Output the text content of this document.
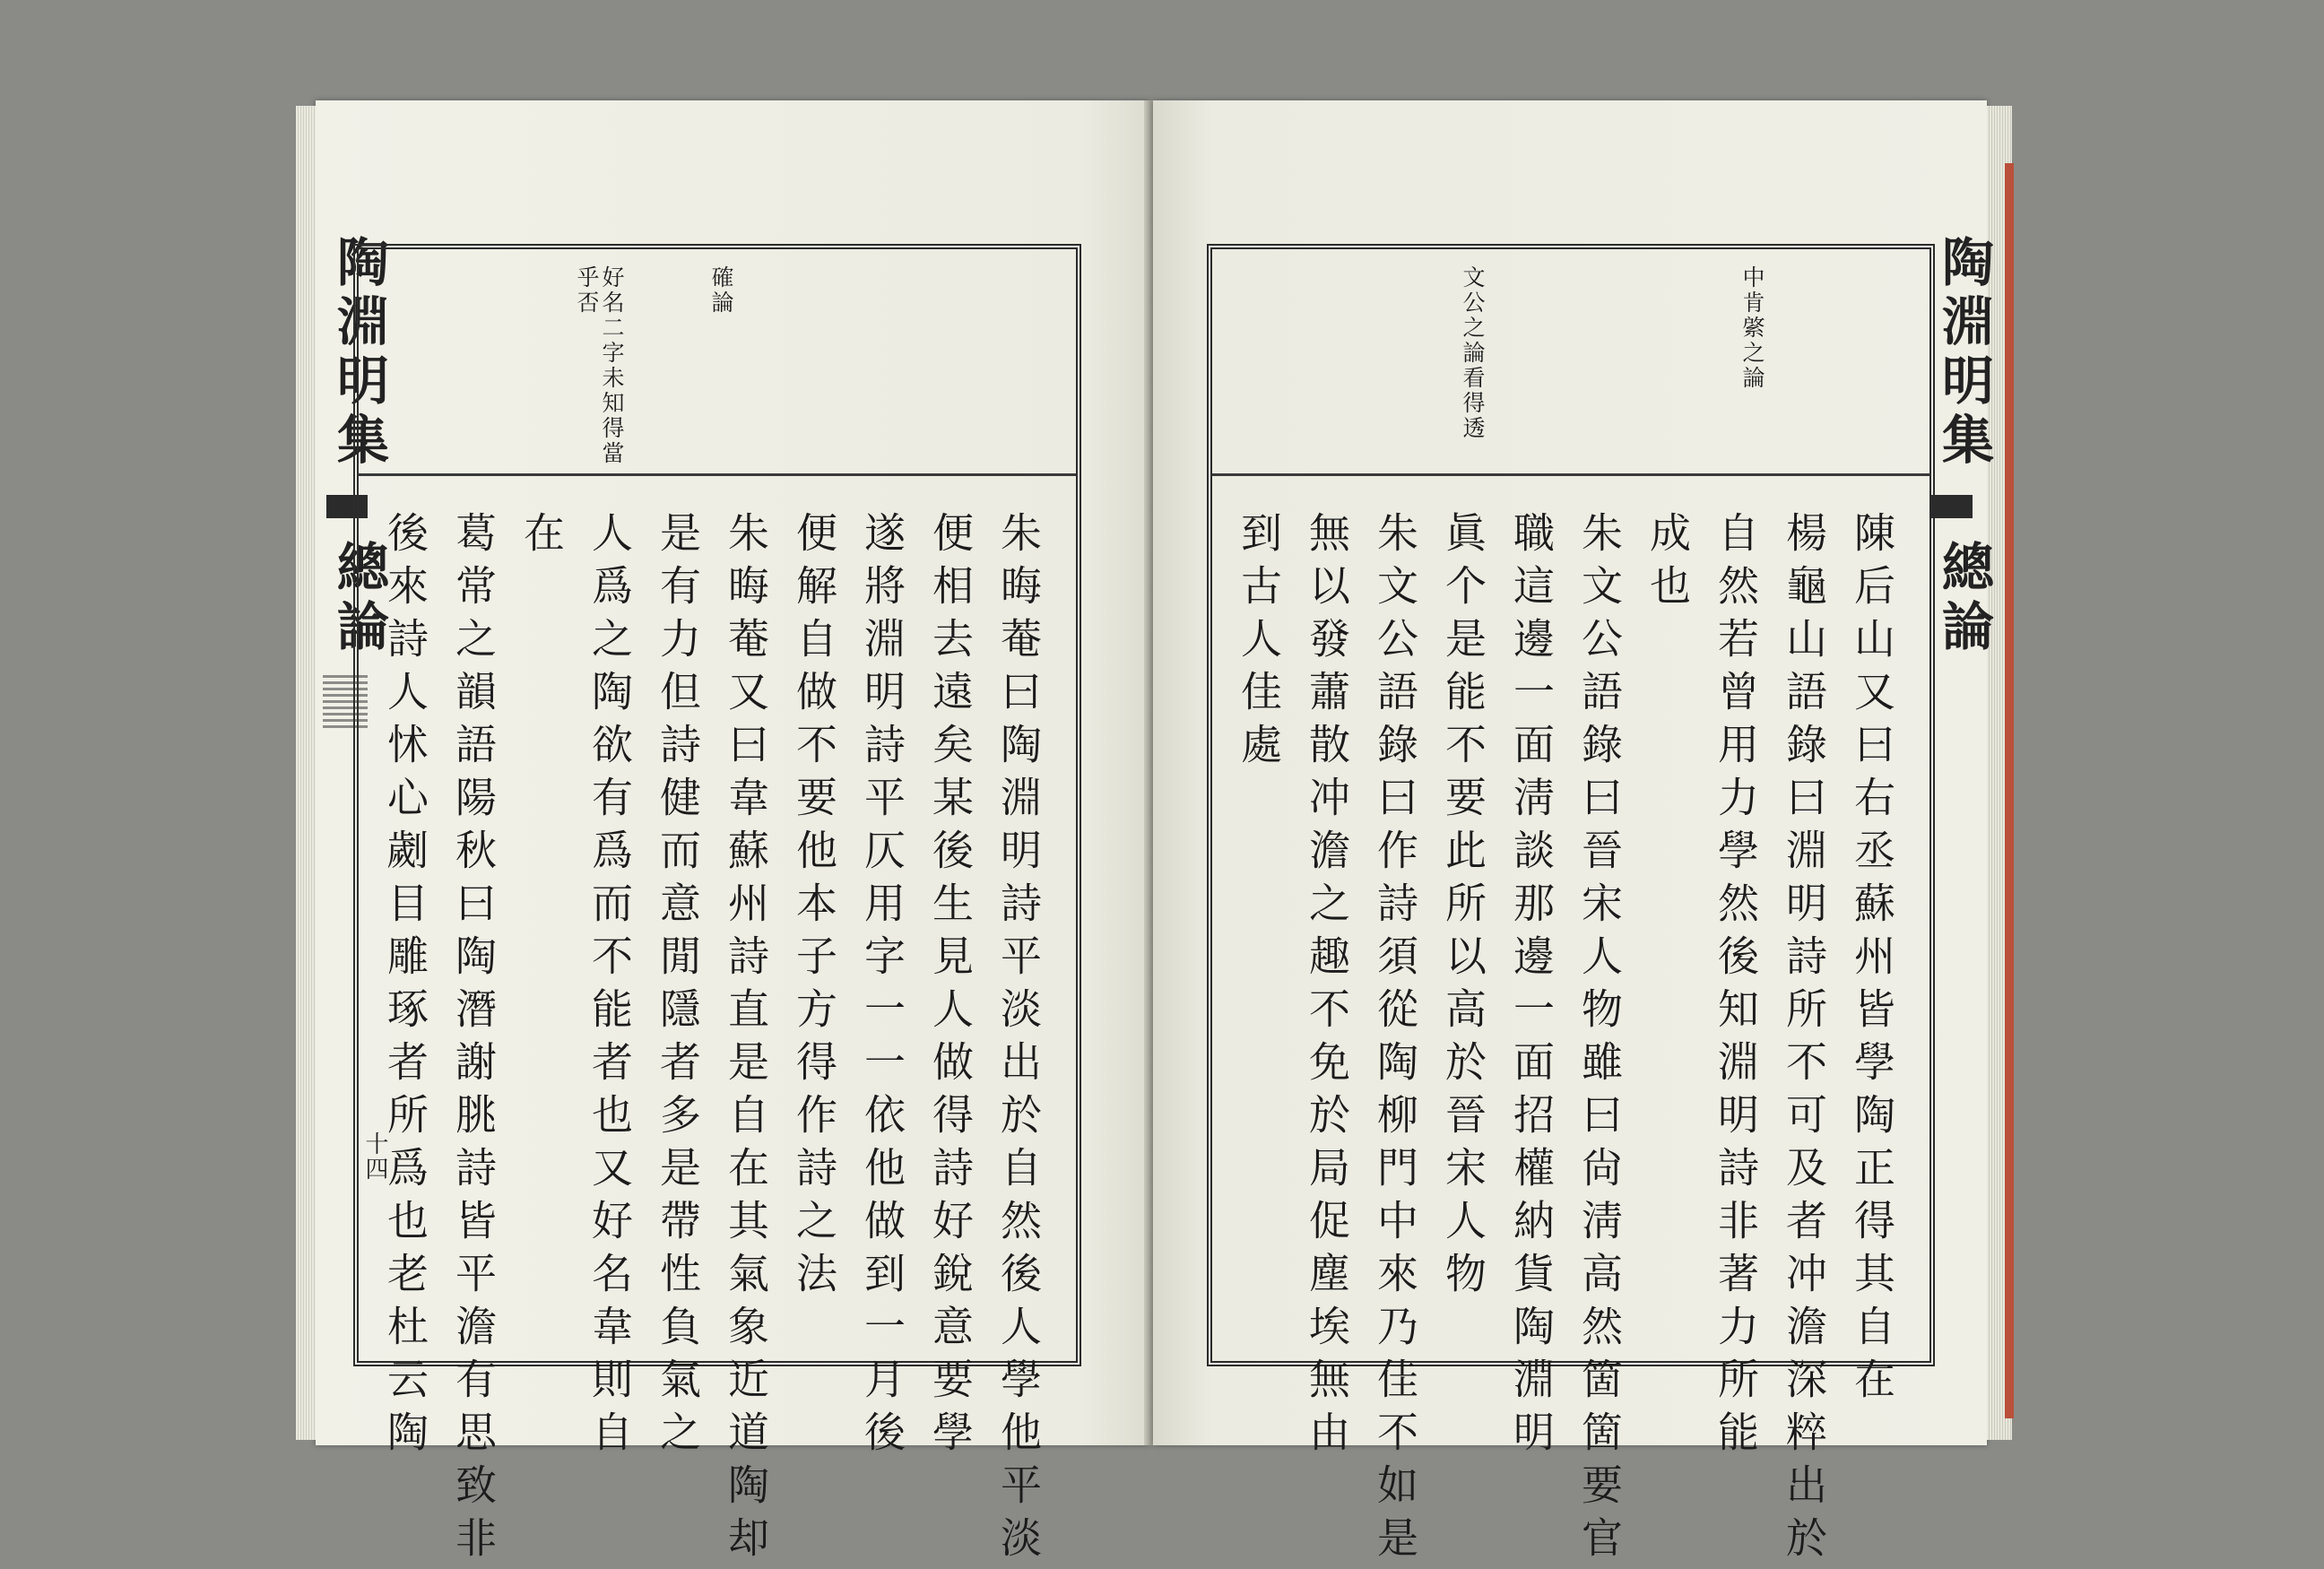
陶淵明集
總論
確論
好名二字未知得當
乎否
朱晦菴曰陶淵明詩平淡出於自然後人學他平淡
便相去遠矣某後生見人做得詩好銳意要學
遂將淵明詩平仄用字一一依他做到一月後
便解自做不要他本子方得作詩之法
朱晦菴又曰韋蘇州詩直是自在其氣象近道陶却
是有力但詩健而意閒隱者多是帶性負氣之
人爲之陶欲有爲而不能者也又好名韋則自
在
葛常之韻語陽秋曰陶潛謝朓詩皆平澹有思致非
後來詩人怵心劌目雕琢者所爲也老杜云陶
十四
中肯綮之論
文公之論看得透
陳后山又曰右丞蘇州皆學陶正得其自在
楊龜山語錄曰淵明詩所不可及者冲澹深粹出於
自然若曾用力學然後知淵明詩非著力所能
成也
朱文公語錄曰晉宋人物雖曰尙淸高然箇箇要官
職這邊一面淸談那邊一面招權納貨陶淵明
眞个是能不要此所以高於晉宋人物
朱文公語錄曰作詩須從陶柳門中來乃佳不如是
無以發蕭散冲澹之趣不免於局促塵埃無由
到古人佳處
陶淵明集
總論
